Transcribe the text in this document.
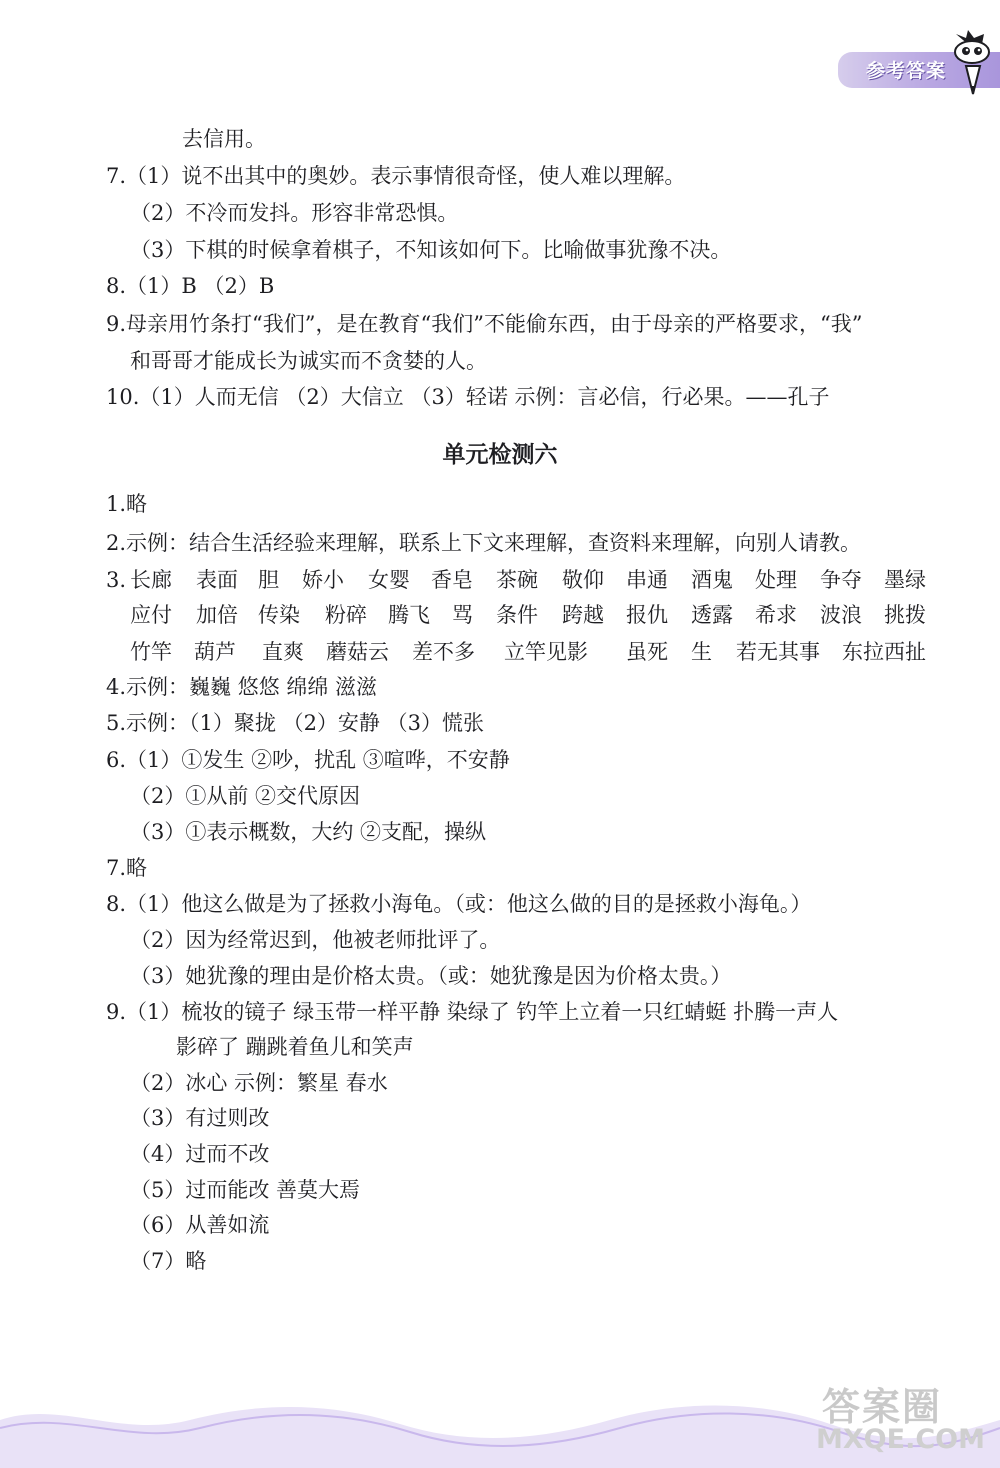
参考答案
去信用。
7.（1）说不出其中的奥妙。表示事情很奇怪，使人难以理解。
（2）不冷而发抖。形容非常恐惧。
（3）下棋的时候拿着棋子，不知该如何下。比喻做事犹豫不决。
8.（1）B （2）B
9.母亲用竹条打“我们”，是在教育“我们”不能偷东西，由于母亲的严格要求，“我”
和哥哥才能成长为诚实而不贪婪的人。
10.（1）人而无信 （2）大信立 （3）轻诺 示例：言必信，行必果。——孔子
单元检测六
1.略
2.示例：结合生活经验来理解，联系上下文来理解，查资料来理解，向别人请教。
3. 长廊 表面 胆 娇小 女婴 香皂 茶碗 敬仰 串通 酒鬼 处理 争夺 墨绿
应付 加倍 传染 粉碎 腾飞 骂 条件 跨越 报仇 透露 希求 波浪 挑拨
竹竿 葫芦 直爽 蘑菇云 差不多 立竿见影 虽死 生 若无其事 东拉西扯
4.示例：巍巍 悠悠 绵绵 滋滋
5.示例：（1）聚拢 （2）安静 （3）慌张
6.（1）①发生 ②吵，扰乱 ③喧哗，不安静
（2）①从前 ②交代原因
（3）①表示概数，大约 ②支配，操纵
7.略
8.（1）他这么做是为了拯救小海龟。（或：他这么做的目的是拯救小海龟。）
（2）因为经常迟到，他被老师批评了。
（3）她犹豫的理由是价格太贵。（或：她犹豫是因为价格太贵。）
9.（1）梳妆的镜子 绿玉带一样平静 染绿了 钓竿上立着一只红蜻蜓 扑腾一声人
影碎了 蹦跳着鱼儿和笑声
（2）冰心 示例：繁星 春水
（3）有过则改
（4）过而不改
（5）过而能改 善莫大焉
（6）从善如流
（7）略
答案圈
MXQE.COM
